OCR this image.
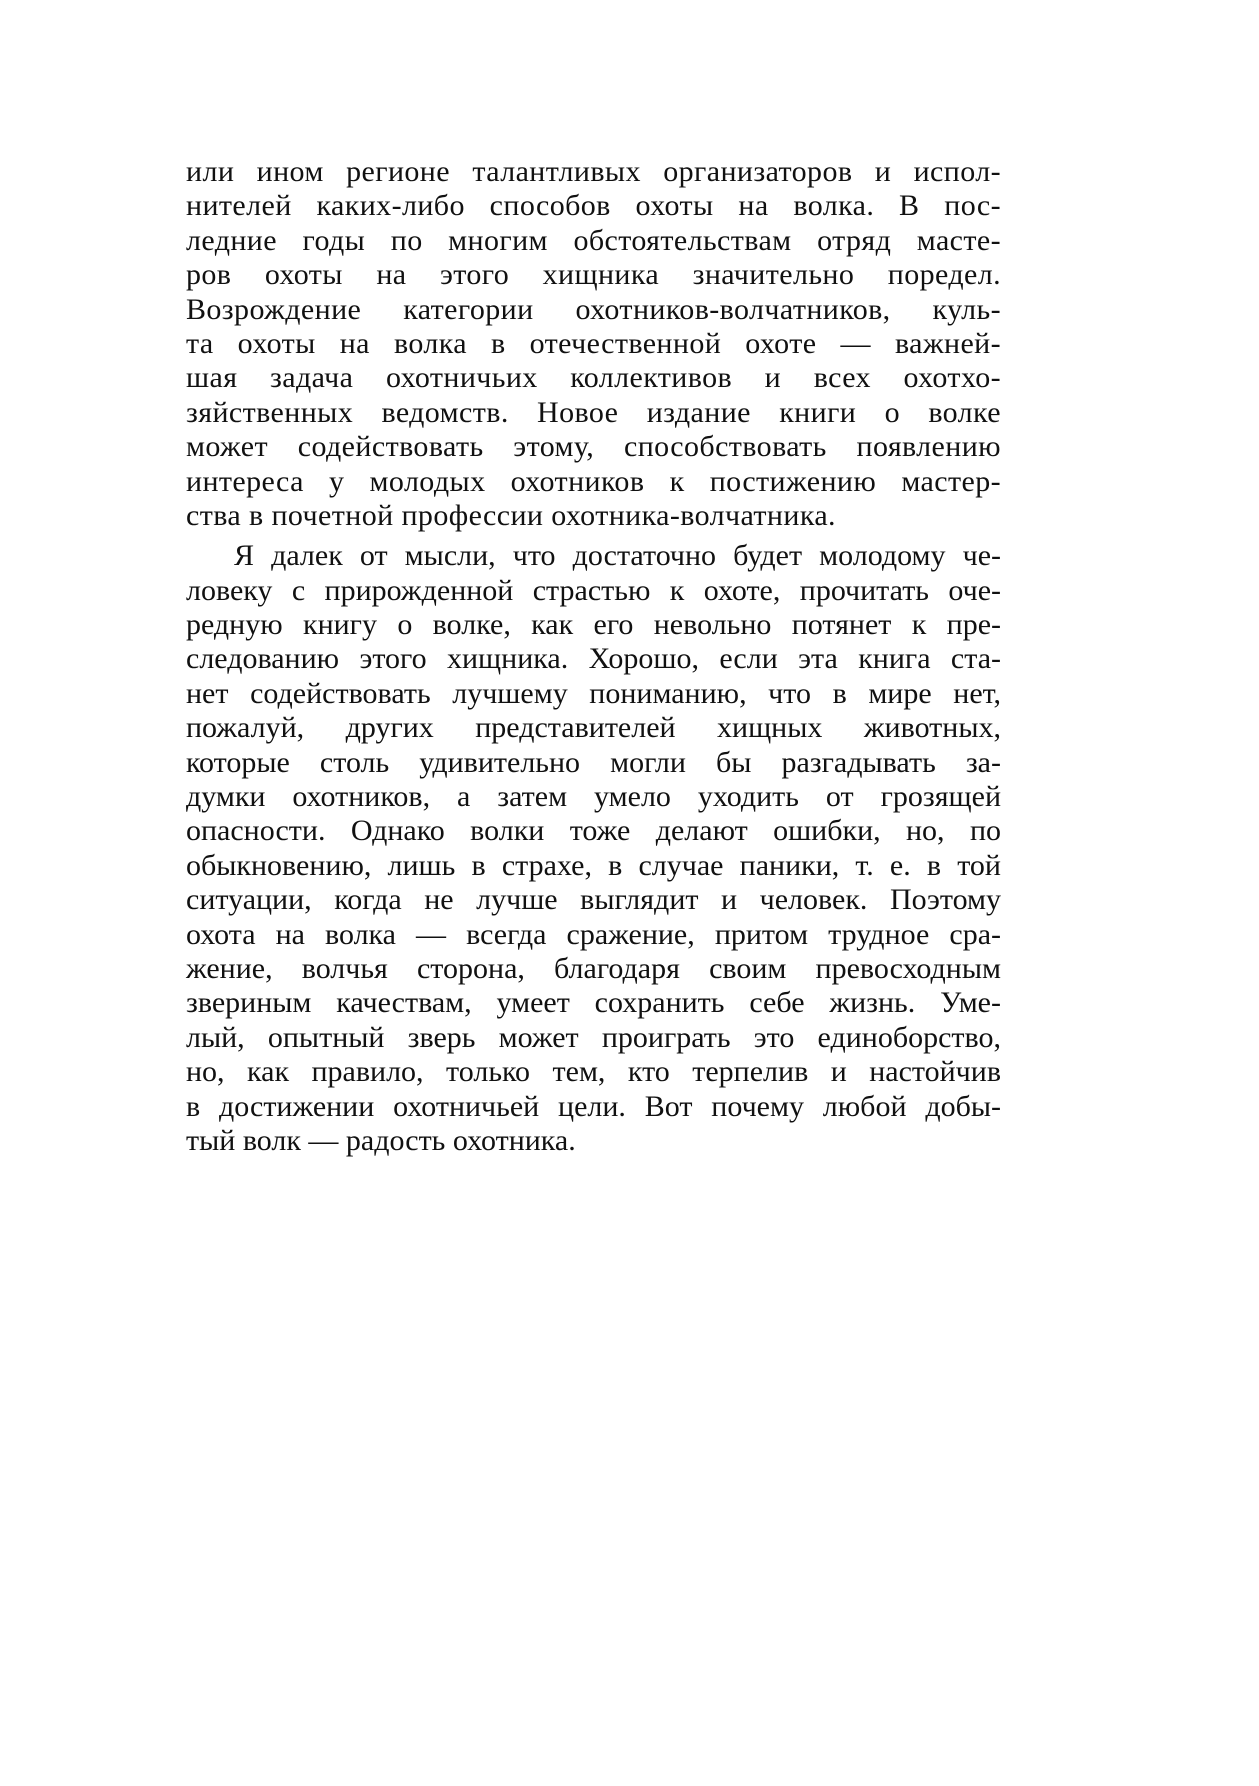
или ином регионе талантливых организаторов и испол-
нителей каких-либо способов охоты на волка. В пос-
ледние годы по многим обстоятельствам отряд масте-
ров охоты на этого хищника значительно поредел.
Возрождение категории охотников-волчатников, куль-
та охоты на волка в отечественной охоте — важней-
шая задача охотничьих коллективов и всех охотхо-
зяйственных ведомств. Новое издание книги о волке
может содействовать этому, способствовать появлению
интереса у молодых охотников к постижению мастер-
ства в почетной профессии охотника-волчатника.
Я далек от мысли, что достаточно будет молодому че-
ловеку с прирожденной страстью к охоте, прочитать оче-
редную книгу о волке, как его невольно потянет к пре-
следованию этого хищника. Хорошо, если эта книга ста-
нет содействовать лучшему пониманию, что в мире нет,
пожалуй, других представителей хищных животных,
которые столь удивительно могли бы разгадывать за-
думки охотников, а затем умело уходить от грозящей
опасности. Однако волки тоже делают ошибки, но, по
обыкновению, лишь в страхе, в случае паники, т. е. в той
ситуации, когда не лучше выглядит и человек. Поэтому
охота на волка — всегда сражение, притом трудное сра-
жение, волчья сторона, благодаря своим превосходным
звериным качествам, умеет сохранить себе жизнь. Уме-
лый, опытный зверь может проиграть это единоборство,
но, как правило, только тем, кто терпелив и настойчив
в достижении охотничьей цели. Вот почему любой добы-
тый волк — радость охотника.
